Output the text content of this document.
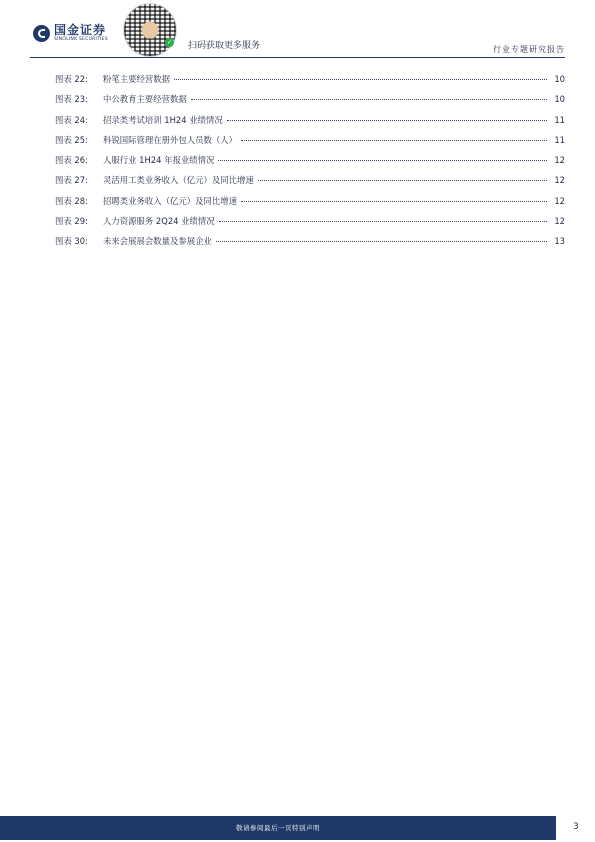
国金证券
SINOLINK SECURITIES	✓ 扫码获取更多服务	行业专题研究报告
图表 22:	粉笔主要经营数据	10
图表 23:	中公教育主要经营数据	10
图表 24:	招录类考试培训 1H24 业绩情况	11
图表 25:	科锐国际管理在册外包人员数（人）	11
图表 26:	人服行业 1H24 年报业绩情况	12
图表 27:	灵活用工类业务收入（亿元）及同比增速	12
图表 28:	招聘类业务收入（亿元）及同比增速	12
图表 29:	人力资源服务 2Q24 业绩情况	12
图表 30:	未来会展展会数量及参展企业	13
敬请参阅最后一页特别声明	3
